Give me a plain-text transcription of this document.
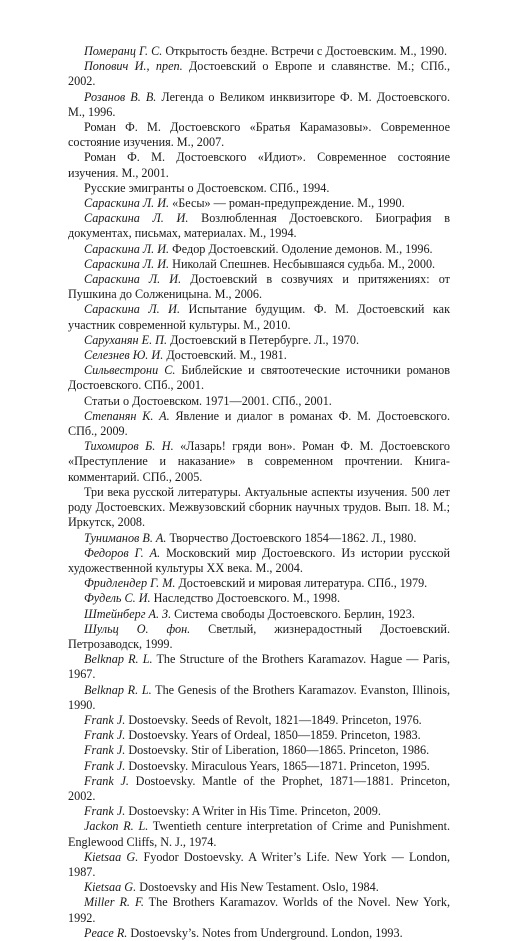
Померанц Г. С. Открытость бездне. Встречи с Достоевским. М., 1990.

Попович И., преп. Достоевский о Европе и славянстве. М.; СПб., 2002.

Розанов В. В. Легенда о Великом инквизиторе Ф. М. Достоевского. М., 1996.

Роман Ф. М. Достоевского «Братья Карамазовы». Современное состояние изучения. М., 2007.

Роман Ф. М. Достоевского «Идиот». Современное состояние изучения. М., 2001.

Русские эмигранты о Достоевском. СПб., 1994.

Сараскина Л. И. «Бесы» — роман-предупреждение. М., 1990.

Сараскина Л. И. Возлюбленная Достоевского. Биография в документах, письмах, материалах. М., 1994.

Сараскина Л. И. Федор Достоевский. Одоление демонов. М., 1996.

Сараскина Л. И. Николай Спешнев. Несбывшаяся судьба. М., 2000.

Сараскина Л. И. Достоевский в созвучиях и притяжениях: от Пушкина до Солженицына. М., 2006.

Сараскина Л. И. Испытание будущим. Ф. М. Достоевский как участник современной культуры. М., 2010.

Саруханян Е. П. Достоевский в Петербурге. Л., 1970.

Селезнев Ю. И. Достоевский. М., 1981.

Сильвестрони С. Библейские и святоотеческие источники романов Достоевского. СПб., 2001.

Статьи о Достоевском. 1971—2001. СПб., 2001.

Степанян К. А. Явление и диалог в романах Ф. М. Достоевского. СПб., 2009.

Тихомиров Б. Н. «Лазарь! гряди вон». Роман Ф. М. Достоевского «Преступление и наказание» в современном прочтении. Книга-комментарий. СПб., 2005.

Три века русской литературы. Актуальные аспекты изучения. 500 лет роду Достоевских. Межвузовский сборник научных трудов. Вып. 18. М.; Иркутск, 2008.

Туниманов В. А. Творчество Достоевского 1854—1862. Л., 1980.

Федоров Г. А. Московский мир Достоевского. Из истории русской художественной культуры XX века. М., 2004.

Фридлендер Г. М. Достоевский и мировая литература. СПб., 1979.

Фудель С. И. Наследство Достоевского. М., 1998.

Штейнберг А. З. Система свободы Достоевского. Берлин, 1923.

Шульц О. фон. Светлый, жизнерадостный Достоевский. Петрозаводск, 1999.

Belknap R. L. The Structure of the Brothers Karamazov. Hague — Paris, 1967.

Belknap R. L. The Genesis of the Brothers Karamazov. Evanston, Illinois, 1990.

Frank J. Dostoevsky. Seeds of Revolt, 1821—1849. Princeton, 1976.

Frank J. Dostoevsky. Years of Ordeal, 1850—1859. Princeton, 1983.

Frank J. Dostoevsky. Stir of Liberation, 1860—1865. Princeton, 1986.

Frank J. Dostoevsky. Miraculous Years, 1865—1871. Princeton, 1995.

Frank J. Dostoevsky. Mantle of the Prophet, 1871—1881. Princeton, 2002.

Frank J. Dostoevsky: A Writer in His Time. Princeton, 2009.

Jackon R. L. Twentieth centure interpretation of Crime and Punishment. Englewood Cliffs, N. J., 1974.

Kietsaa G. Fyodor Dostoevsky. A Writer’s Life. New York — London, 1987.

Kietsaa G. Dostoevsky and His New Testament. Oslo, 1984.

Miller R. F. The Brothers Karamazov. Worlds of the Novel. New York, 1992.

Peace R. Dostoevsky’s. Notes from Underground. London, 1993.
